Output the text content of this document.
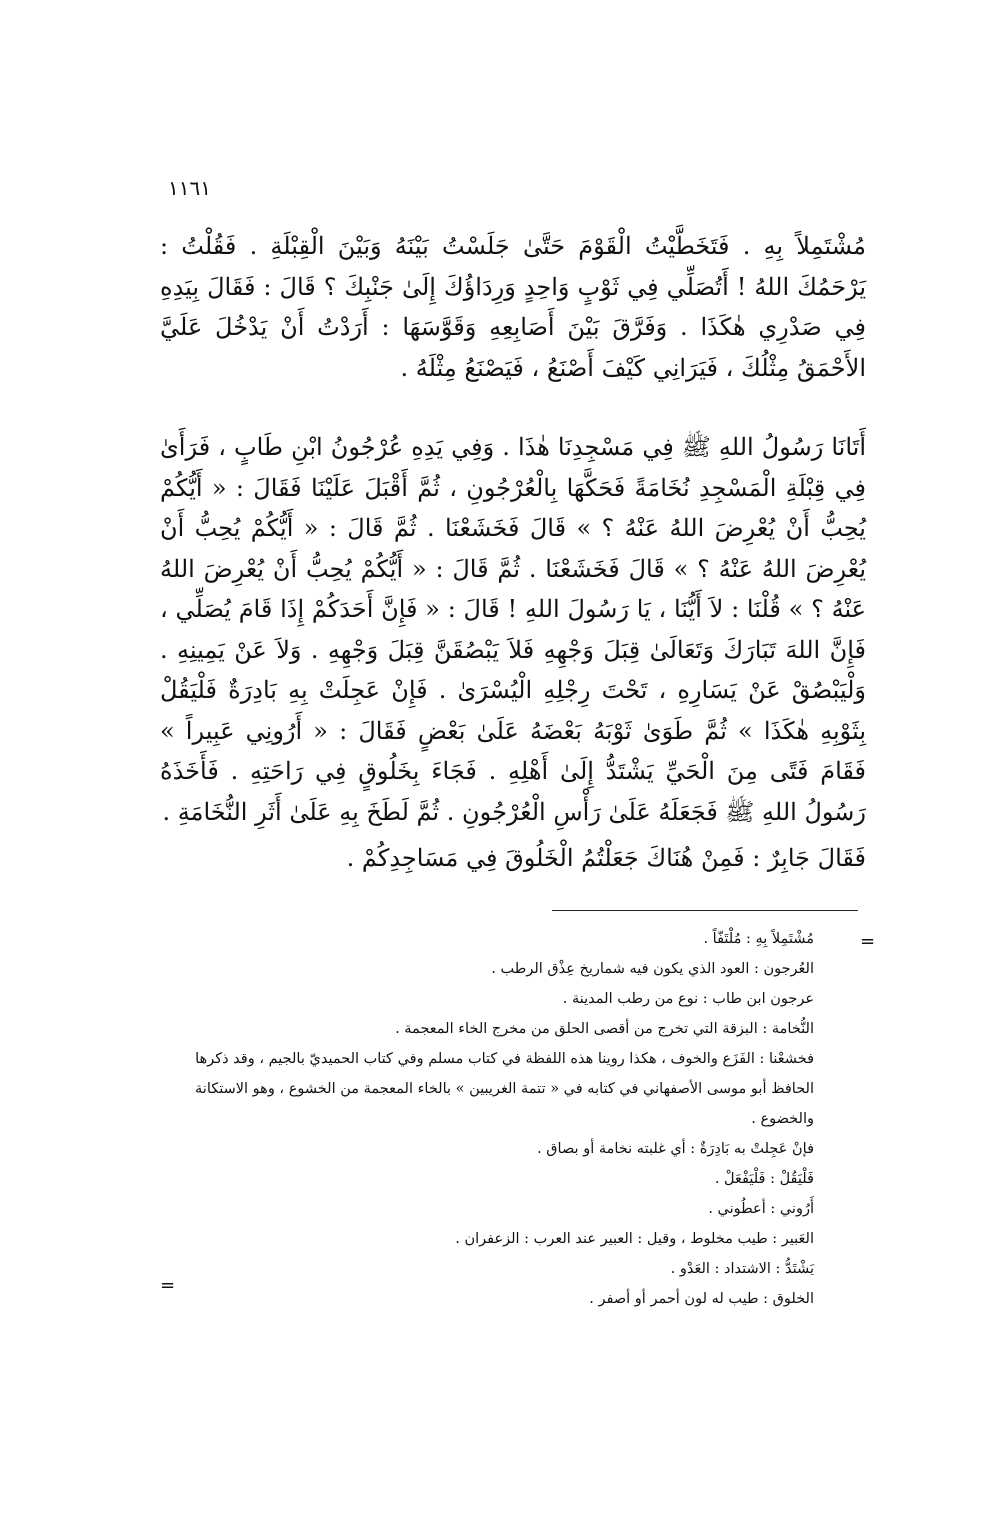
١١٦١

مُشْتَمِلاً بِهِ . فَتَخَطَّيْتُ الْقَوْمَ حَتَّىٰ جَلَسْتُ بَيْنَهُ وَبَيْنَ الْقِبْلَةِ . فَقُلْتُ : يَرْحَمُكَ اللهُ ! أَتُصَلِّي فِي ثَوْبٍ وَاحِدٍ وَرِدَاؤُكَ إِلَىٰ جَنْبِكَ ؟ قَالَ : فَقَالَ بِيَدِهِ فِي صَدْرِي هٰكَذَا . وَفَرَّقَ بَيْنَ أَصَابِعِهِ وَقَوَّسَهَا : أَرَدْتُ أَنْ يَدْخُلَ عَلَيَّ الأَحْمَقُ مِثْلُكَ ، فَيَرَانِي كَيْفَ أَصْنَعُ ، فَيَصْنَعُ مِثْلَهُ .

أَتَانَا رَسُولُ اللهِ ﷺ فِي مَسْجِدِنَا هٰذَا . وَفِي يَدِهِ عُرْجُونُ ابْنِ طَابٍ ، فَرَأَىٰ فِي قِبْلَةِ الْمَسْجِدِ نُخَامَةً فَحَكَّهَا بِالْعُرْجُونِ ، ثُمَّ أَقْبَلَ عَلَيْنَا فَقَالَ : « أَيُّكُمْ يُحِبُّ أَنْ يُعْرِضَ اللهُ عَنْهُ ؟ » قَالَ فَخَشَعْنَا . ثُمَّ قَالَ : « أَيُّكُمْ يُحِبُّ أَنْ يُعْرِضَ اللهُ عَنْهُ ؟ » قَالَ فَخَشَعْنَا . ثُمَّ قَالَ : « أَيُّكُمْ يُحِبُّ أَنْ يُعْرِضَ اللهُ عَنْهُ ؟ » قُلْنَا : لاَ أَيُّنَا ، يَا رَسُولَ اللهِ ! قَالَ : « فَإِنَّ أَحَدَكُمْ إِذَا قَامَ يُصَلِّي ، فَإِنَّ اللهَ تَبَارَكَ وَتَعَالَىٰ قِبَلَ وَجْهِهِ فَلاَ يَبْصُقَنَّ قِبَلَ وَجْهِهِ . وَلاَ عَنْ يَمِينِهِ . وَلْيَبْصُقْ عَنْ يَسَارِهِ ، تَحْتَ رِجْلِهِ الْيُسْرَىٰ . فَإِنْ عَجِلَتْ بِهِ بَادِرَةٌ فَلْيَقُلْ بِثَوْبِهِ هٰكَذَا » ثُمَّ طَوَىٰ ثَوْبَهُ بَعْضَهُ عَلَىٰ بَعْضٍ فَقَالَ : « أَرُونِي عَبِيراً » فَقَامَ فَتًى مِنَ الْحَيِّ يَشْتَدُّ إِلَىٰ أَهْلِهِ . فَجَاءَ بِخَلُوقٍ فِي رَاحَتِهِ . فَأَخَذَهُ رَسُولُ اللهِ ﷺ فَجَعَلَهُ عَلَىٰ رَأْسِ الْعُرْجُونِ . ثُمَّ لَطَخَ بِهِ عَلَىٰ أَثَرِ النُّخَامَةِ .

فَقَالَ جَابِرٌ : فَمِنْ هُنَاكَ جَعَلْتُمُ الْخَلُوقَ فِي مَسَاجِدِكُمْ .

=
=

مُشْتَمِلاً بِهِ : مُلْتَفّاً .

العُرجون : العود الذي يكون فيه شماريخ عِذْق الرطب .

عرجون ابن طاب : نوع من رطب المدينة .

النُّخامة : البزقة التي تخرج من أقصى الحلق من مخرج الخاء المعجمة .

فخشعْنا : الفَزَع والخوف ، هكذا روينا هذه اللفظة في كتاب مسلم وفي كتاب الحميديّ بالجيم ، وقد ذكرها الحافظ أبو موسى الأصفهاني في كتابه في « تتمة الغريبين » بالخاء المعجمة من الخشوع ، وهو الاستكانة والخضوع .

فإنْ عَجِلتْ به بَادِرَةٌ : أي غلبته نخامة أو بصاق .

فَلْيَقُلْ : فَلْيَفْعَلْ .

أَرُوني : أعطُوني .

العَبير : طيب مخلوط ، وقيل : العبير عند العرب : الزعفران .

يَشْتَدُّ : الاشتداد : العَدْو .

الخلوق : طيب له لون أحمر أو أصفر .
